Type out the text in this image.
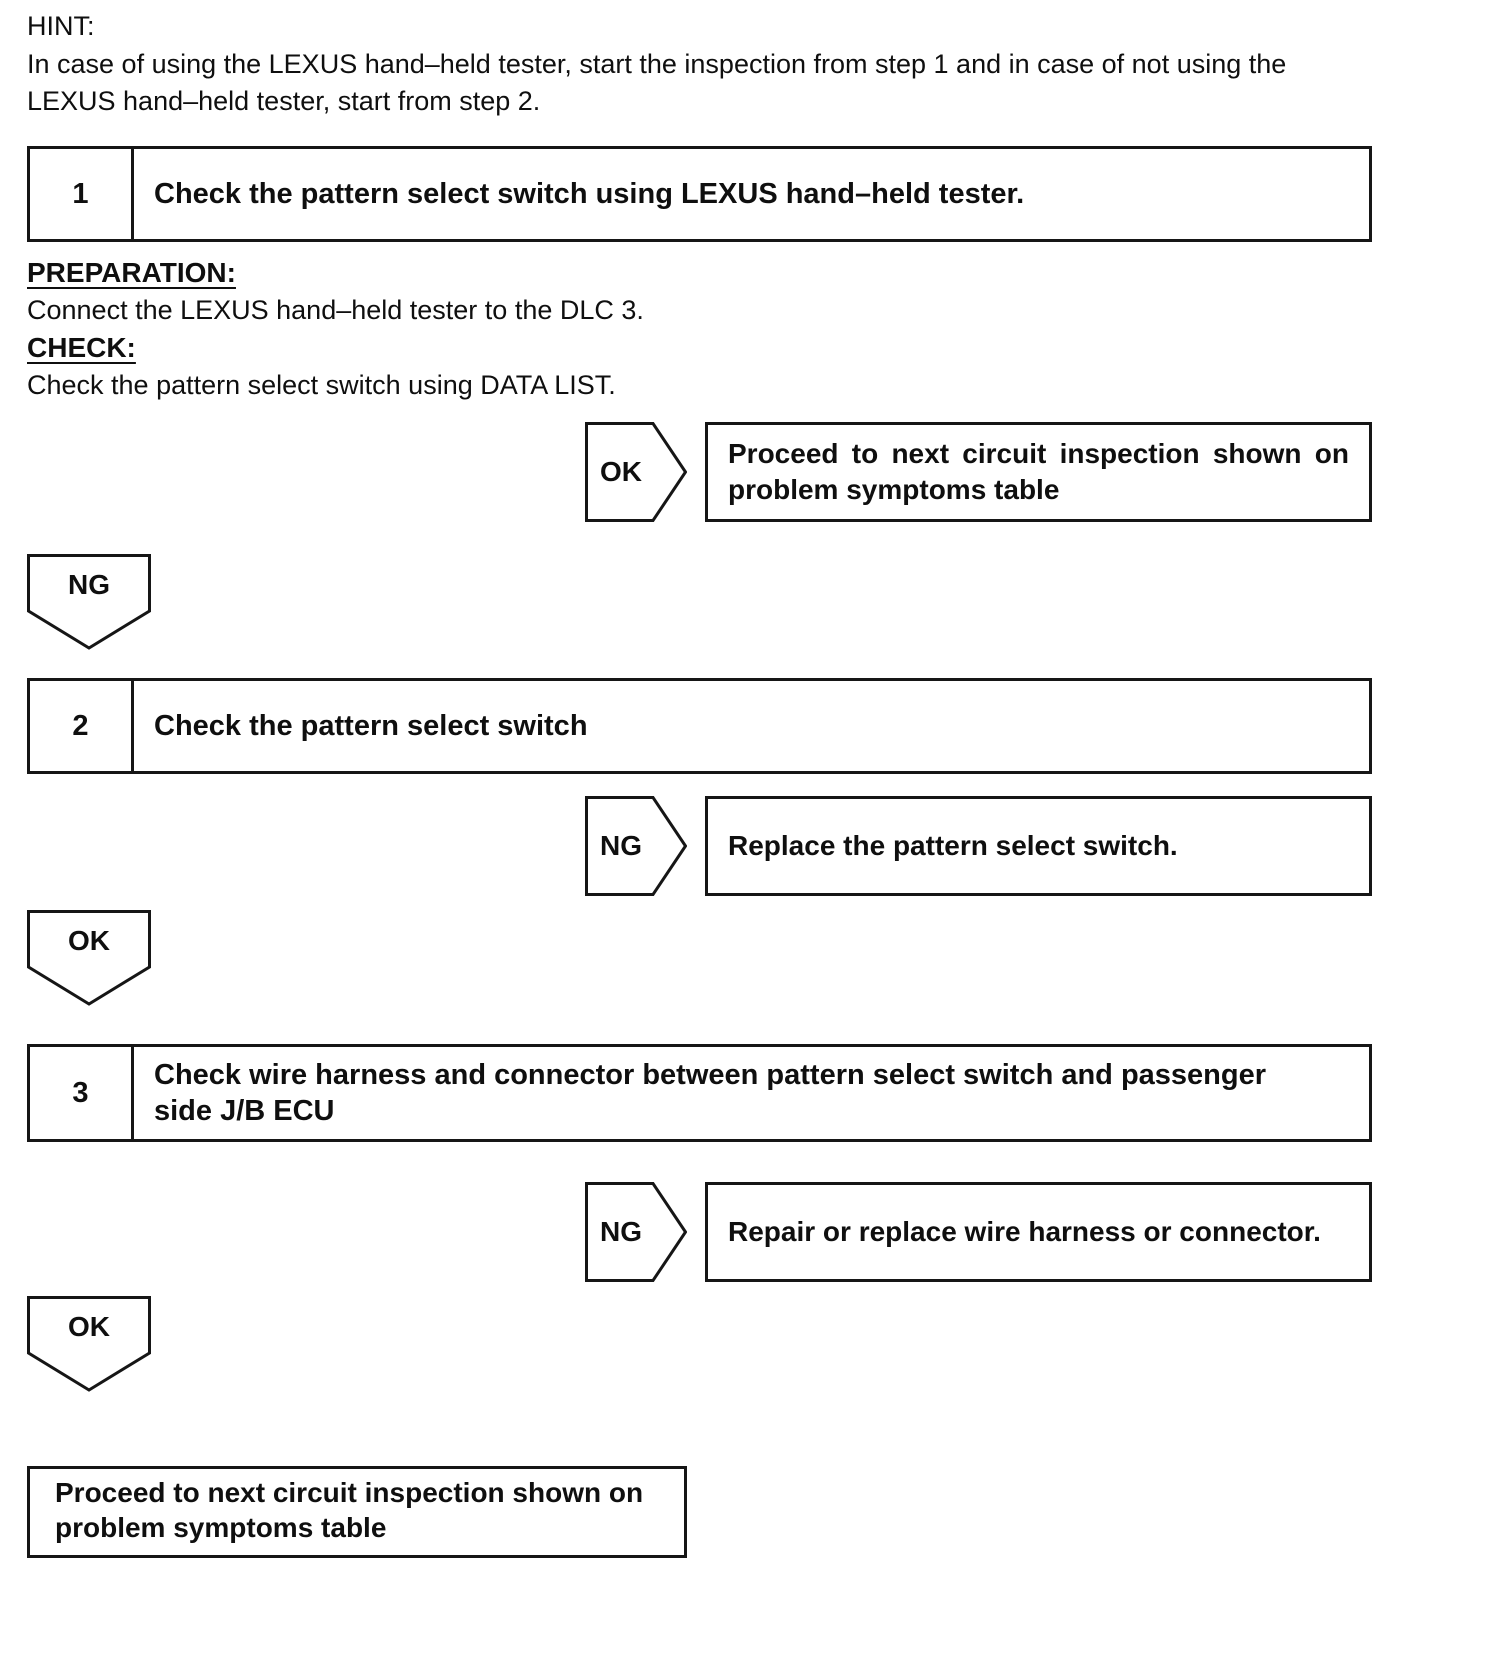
HINT:
In case of using the LEXUS hand–held tester, start the inspection from step 1 and in case of not using the LEXUS hand–held tester, start from step 2.
1	Check the pattern select switch using LEXUS hand–held tester.
PREPARATION:
Connect the LEXUS hand–held tester to the DLC 3.
CHECK:
Check the pattern select switch using DATA LIST.
OK
Proceed to next circuit inspection shown on problem symptoms table
NG
2	Check the pattern select switch
NG	Replace the pattern select switch.
OK
3
Check wire harness and connector between pattern select switch and passenger side J/B ECU
NG	Repair or replace wire harness or connector.
OK
Proceed to next circuit inspection shown on problem symptoms table
